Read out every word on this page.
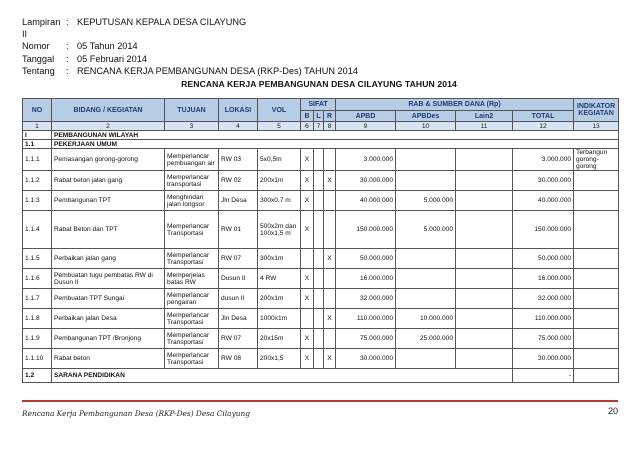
Lampiran II
: KEPUTUSAN KEPALA DESA CILAYUNG
Nomor	: 05 Tahun 2014
Tanggal	: 05 Februari 2014
Tentang	: RENCANA KERJA PEMBANGUNAN DESA (RKP-Des) TAHUN 2014
RENCANA KERJA PEMBANGUNAN DESA CILAYUNG TAHUN 2014
NO	BIDANG / KEGIATAN	TUJUAN	LOKASI	VOL	SIFAT			RAB & SUMBER DANA (Rp)				INDIKATOR KEGIATAN
					B	L	R	APBD	APBDes	Lain2	TOTAL	
1	2	3	4	5	6	7	8	9	10	11	12	13
I	PEMBANGUNAN WILAYAH											
1.1	PEKERJAAN UMUM											
1.1.1	Pemasangan gorong-gorong	Memperlancar pembuangan air	RW 03	5x0,5m	X			3.000.000			3.000.000	Terbangun gorong-gorong
1.1.2	Rabat beton jalan gang	Memperlancar transportasi	RW 02	200x1m	X		X	30.000.000			30.000.000	
1.1.3	Pembangunan TPT	Menghindari jalan longsor	Jln Desa	300x0,7 m	X			40.000.000	5.000.000		40.000.000	
1.1.4	Rabat Beton dan TPT	Memperlancar Transportasi	RW 01	500x2m dan 100x1,5 m	X			150.000.000	5.000.000		150.000.000	
1.1.5	Perbaikan jalan gang	Memperlancar Transportasi	RW 07	300x1m			X	50.000.000			50.000.000	
1.1.6	Pembuatan tugu pembatas RW di Dusun II	Memperjelas batas RW	Dusun II	4 RW	X			16.000.000			16.000.000	
1.1.7	Pembuatan TPT Sungai	Memperlancar pengairan	dusun II	200x1m	X			32.000.000			32.000.000	
1.1.8	Perbaikan jalan Desa	Memperlancar Transportasi	Jln Desa	1000x1m			X	110.000.000	10.000.000		110.000.000	
1.1.9	Pembangunan TPT /Bronjong	Memperlancar Transportasi	RW 07	20x15m	X			75.000.000	25.000.000		75.000.000	
1.1.10	Rabat beton	Memperlancar Transportasi	RW 08	200x1,5	X		X	30.000.000			30.000.000	
1.2	SARANA PENDIDIKAN										-	
Rencana Kerja Pembangunan Desa (RKP-Des) Desa Cilayung	20
